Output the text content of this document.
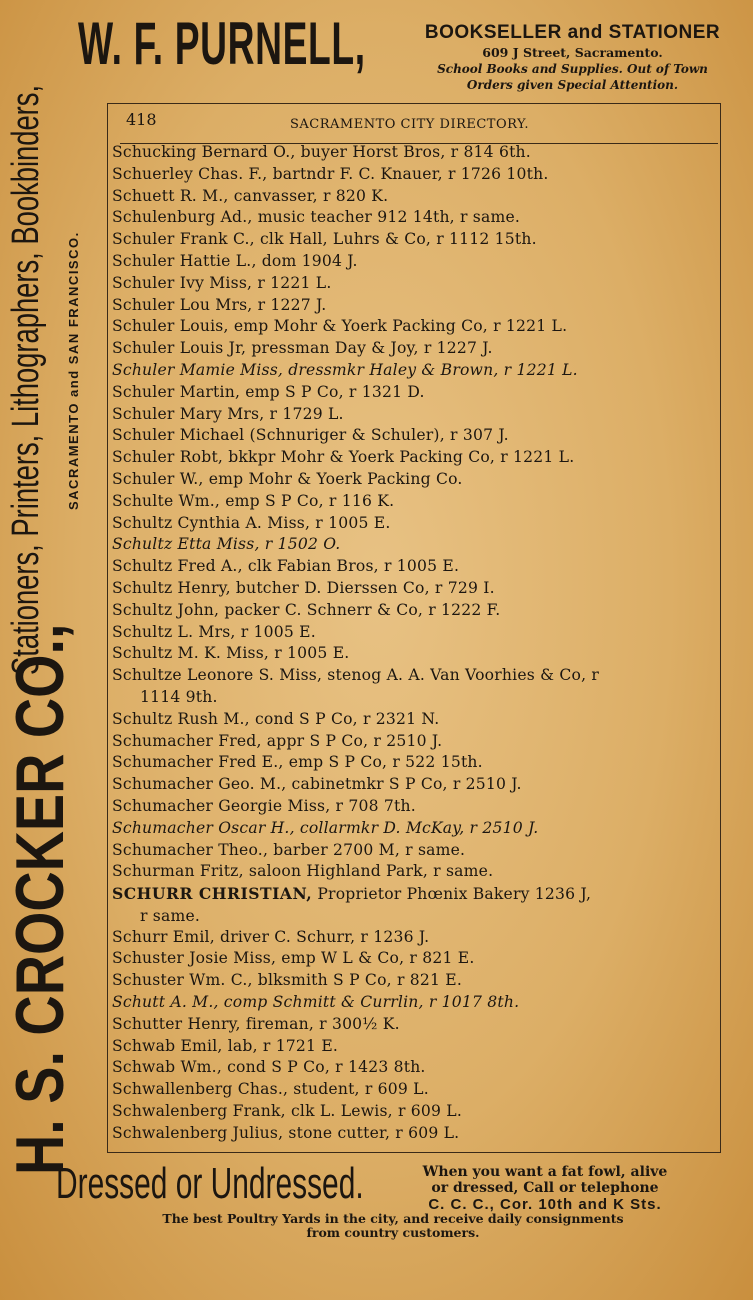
W. F. PURNELL,	BOOKSELLER and STATIONER
609 J Street, Sacramento.
School Books and Supplies. Out of Town
Orders given Special Attention.
H. S. CROCKER CO.,
Stationers, Printers, Lithographers, Bookbinders, SACRAMENTO and SAN FRANCISCO.
418	SACRAMENTO CITY DIRECTORY.
Schucking Bernard O., buyer Horst Bros, r 814 6th.
Schuerley Chas. F., bartndr F. C. Knauer, r 1726 10th.
Schuett R. M., canvasser, r 820 K.
Schulenburg Ad., music teacher 912 14th, r same.
Schuler Frank C., clk Hall, Luhrs & Co, r 1112 15th.
Schuler Hattie L., dom 1904 J.
Schuler Ivy Miss, r 1221 L.
Schuler Lou Mrs, r 1227 J.
Schuler Louis, emp Mohr & Yoerk Packing Co, r 1221 L.
Schuler Louis Jr, pressman Day & Joy, r 1227 J.
Schuler Mamie Miss, dressmkr Haley & Brown, r 1221 L.
Schuler Martin, emp S P Co, r 1321 D.
Schuler Mary Mrs, r 1729 L.
Schuler Michael (Schnuriger & Schuler), r 307 J.
Schuler Robt, bkkpr Mohr & Yoerk Packing Co, r 1221 L.
Schuler W., emp Mohr & Yoerk Packing Co.
Schulte Wm., emp S P Co, r 116 K.
Schultz Cynthia A. Miss, r 1005 E.
Schultz Etta Miss, r 1502 O.
Schultz Fred A., clk Fabian Bros, r 1005 E.
Schultz Henry, butcher D. Dierssen Co, r 729 I.
Schultz John, packer C. Schnerr & Co, r 1222 F.
Schultz L. Mrs, r 1005 E.
Schultz M. K. Miss, r 1005 E.
Schultze Leonore S. Miss, stenog A. A. Van Voorhies & Co, r
1114 9th.
Schultz Rush M., cond S P Co, r 2321 N.
Schumacher Fred, appr S P Co, r 2510 J.
Schumacher Fred E., emp S P Co, r 522 15th.
Schumacher Geo. M., cabinetmkr S P Co, r 2510 J.
Schumacher Georgie Miss, r 708 7th.
Schumacher Oscar H., collarmkr D. McKay, r 2510 J.
Schumacher Theo., barber 2700 M, r same.
Schurman Fritz, saloon Highland Park, r same.
SCHURR CHRISTIAN, Proprietor Phœnix Bakery 1236 J,
r same.
Schurr Emil, driver C. Schurr, r 1236 J.
Schuster Josie Miss, emp W L & Co, r 821 E.
Schuster Wm. C., blksmith S P Co, r 821 E.
Schutt A. M., comp Schmitt & Currlin, r 1017 8th.
Schutter Henry, fireman, r 300½ K.
Schwab Emil, lab, r 1721 E.
Schwab Wm., cond S P Co, r 1423 8th.
Schwallenberg Chas., student, r 609 L.
Schwalenberg Frank, clk L. Lewis, r 609 L.
Schwalenberg Julius, stone cutter, r 609 L.
Dressed or Undressed.	When you want a fat fowl, alive
or dressed, Call or telephone
C. C. C., Cor. 10th and K Sts.
The best Poultry Yards in the city, and receive daily consignments
from country customers.
